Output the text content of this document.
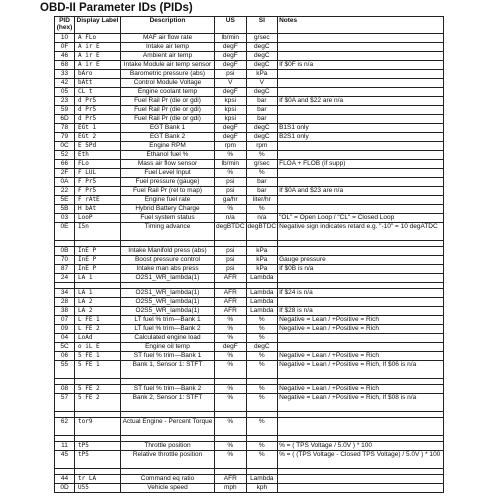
OBD-II Parameter IDs (PIDs)
PID (hex)	Display Label	Description	US	SI	Notes
10	A FLo	MAF air flow rate	lb/min	g/sec	
0F	A ir E	Intake air temp	degF	degC	
46	A ir E	Ambient air temp	degF	degC	
68	A ir E	Intake Module air temp sensor	degF	degC	If $0F is n/a
33	bAro	Barometric pressure (abs)	psi	kPa	
42	bAtt	Control Module Voltage	V	V	
05	CL t	Engine coolant temp	degF	degC	
23	d Pr5	Fuel Rail Pr (die or gdi)	kpsi	bar	If $0A and $22 are n/a
59	d Pr5	Fuel Rail Pr (die or gdi)	kpsi	bar	
6D	d Pr5	Fuel Rail Pr (die or gdi)	kpsi	bar	
78	EGt 1	EGT Bank 1	degF	degC	B1S1 only
79	EGt 2	EGT Bank 2	degF	degC	B2S1 only
0C	E 5Pd	Engine RPM	rpm	rpm	
52	Eth	Ethanol fuel %	%	%	
66	FLo	Mass air flow sensor	lb/min	g/sec	FLOA + FLOB (if supp)
2F	F LUL	Fuel Level Input	%	%	
0A	F Pr5	Fuel pressure (gauge)	psi	bar	
22	F Pr5	Fuel Rail Pr (rel to map)	psi	bar	If $0A and $23 are n/a
5E	F rAtE	Engine fuel rate	ga/hr	liter/hr	
5B	H bAt	Hybrid Battery Charge	%	%	
03	LooP	Fuel system status	n/a	n/a	"OL" = Open Loop / "CL" = Closed Loop
0E	I5n	Timing advance	degBTDC	degBTDC	Negative sign indicates retard e.g. "-10" = 10 degATDC

0B	InE P	Intake Manifold press (abs)	psi	kPa	
70	InE P	Boost pressure control	psi	kPa	Gauge pressure
87	InE P	Intake man abs press	psi	kPa	If $0B is n/a
24	LA 1	O2S1_WR_lambda(1)	AFR	Lambda	

34	LA 1	O2S1_WR_lambda(1)	AFR	Lambda	If $24 is n/a
28	LA 2	O2S5_WR_lambda(1)	AFR	Lambda	
38	LA 2	O2S5_WR_lambda(1)	AFR	Lambda	If $28 is n/a
07	L FE 1	LT fuel % trim—Bank 1	%	%	Negative = Lean / +Positive = Rich
09	L FE 2	LT fuel % trim—Bank 2	%	%	Negative = Lean / +Positive = Rich
04	LoAd	Calculated engine load	%	%	
5C	o iL E	Engine oil temp	degF	degC	
06	5 FE 1	ST fuel % trim—Bank 1	%	%	Negative = Lean / +Positive = Rich
55	5 FE 1	Bank 1, Sensor 1: STFT	%	%	Negative = Lean / +Positive = Rich, If $06 is n/a

08	5 FE 2	ST fuel % trim—Bank 2	%	%	Negative = Lean / +Positive = Rich
57	5 FE 2	Bank 2, Sensor 1: STFT	%	%	Negative = Lean / +Positive = Rich, If $08 is n/a

62	tor9	Actual Engine - Percent Torque	%	%	

11	tP5	Throttle position	%	%	% = ( TPS Voltage / 5.0V ) * 100
45	tP5	Relative throttle position	%	%	% = ( (TPS Voltage - Closed TPS Voltage) / 5.0V ) * 100

44	tr LA	Command eq ratio	AFR	Lambda	
0D	U55	Vehicle speed	mph	kph	
